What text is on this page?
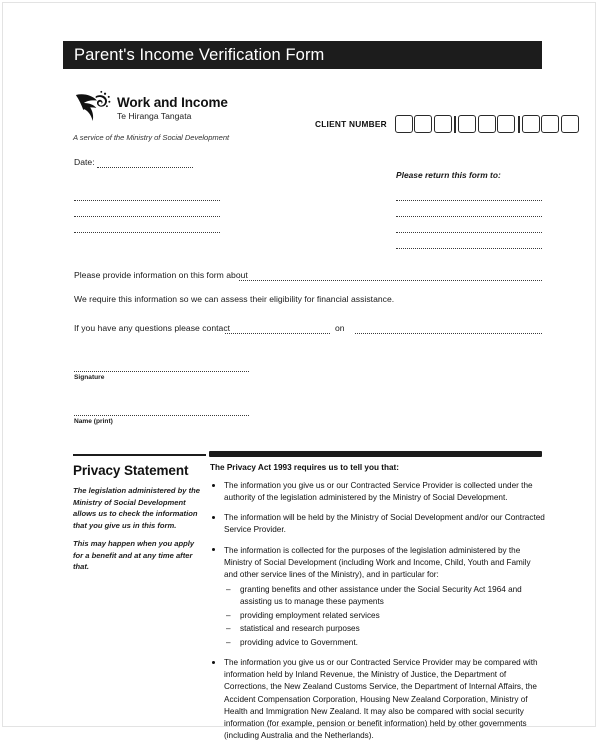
Parent's Income Verification Form
Work and Income
Te Hiranga Tangata
A service of the Ministry of Social Development
CLIENT NUMBER
Date:
Please return this form to:
Please provide information on this form about
We require this information so we can assess their eligibility for financial assistance.
If you have any questions please contact	on
Signature
Name (print)
Privacy Statement

The legislation administered by the Ministry of Social Development allows us to check the information that you give us in this form.

This may happen when you apply for a benefit and at any time after that.

The Privacy Act 1993 requires us to tell you that:
The information you give us or our Contracted Service Provider is collected under the authority of the legislation administered by the Ministry of Social Development.
The information will be held by the Ministry of Social Development and/or our Contracted Service Provider.
The information is collected for the purposes of the legislation administered by the Ministry of Social Development (including Work and Income, Child, Youth and Family and other service lines of the Ministry), and in particular for:
– granting benefits and other assistance under the Social Security Act 1964 and assisting us to manage these payments
– providing employment related services
– statistical and research purposes
– providing advice to Government.
The information you give us or our Contracted Service Provider may be compared with information held by Inland Revenue, the Ministry of Justice, the Department of Corrections, the New Zealand Customs Service, the Department of Internal Affairs, the Accident Compensation Corporation, Housing New Zealand Corporation, Ministry of Health and Immigration New Zealand. It may also be compared with social security information (for example, pension or benefit information) held by other governments (including Australia and the Netherlands).
